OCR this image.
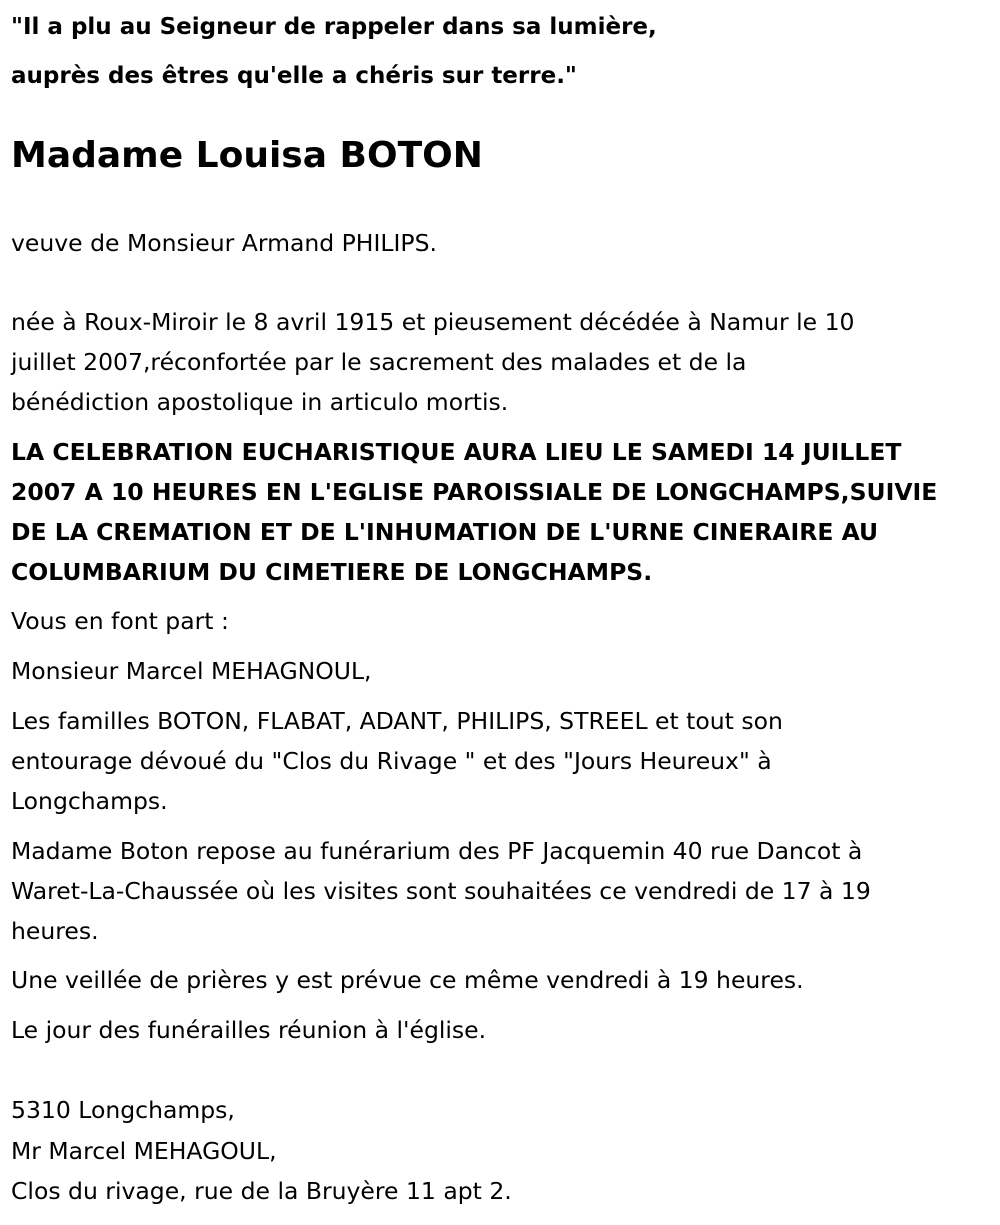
"Il a plu au Seigneur de rappeler dans sa lumière,
auprès des êtres qu'elle a chéris sur terre."
Madame Louisa BOTON
veuve de Monsieur Armand PHILIPS.
née à Roux-Miroir le 8 avril 1915 et pieusement décédée à Namur le 10
juillet 2007,réconfortée par le sacrement des malades et de la
bénédiction apostolique in articulo mortis.
LA CELEBRATION EUCHARISTIQUE AURA LIEU LE SAMEDI 14 JUILLET
2007 A 10 HEURES EN L'EGLISE PAROISSIALE DE LONGCHAMPS,SUIVIE
DE LA CREMATION ET DE L'INHUMATION DE L'URNE CINERAIRE AU
COLUMBARIUM DU CIMETIERE DE LONGCHAMPS.
Vous en font part :
Monsieur Marcel MEHAGNOUL,
Les familles BOTON, FLABAT, ADANT, PHILIPS, STREEL et tout son
entourage dévoué du "Clos du Rivage " et des "Jours Heureux" à
Longchamps.
Madame Boton repose au funérarium des PF Jacquemin 40 rue Dancot à
Waret-La-Chaussée où les visites sont souhaitées ce vendredi de 17 à 19
heures.
Une veillée de prières y est prévue ce même vendredi à 19 heures.
Le jour des funérailles réunion à l'église.
5310 Longchamps,
Mr Marcel MEHAGOUL,
Clos du rivage, rue de la Bruyère 11 apt 2.
